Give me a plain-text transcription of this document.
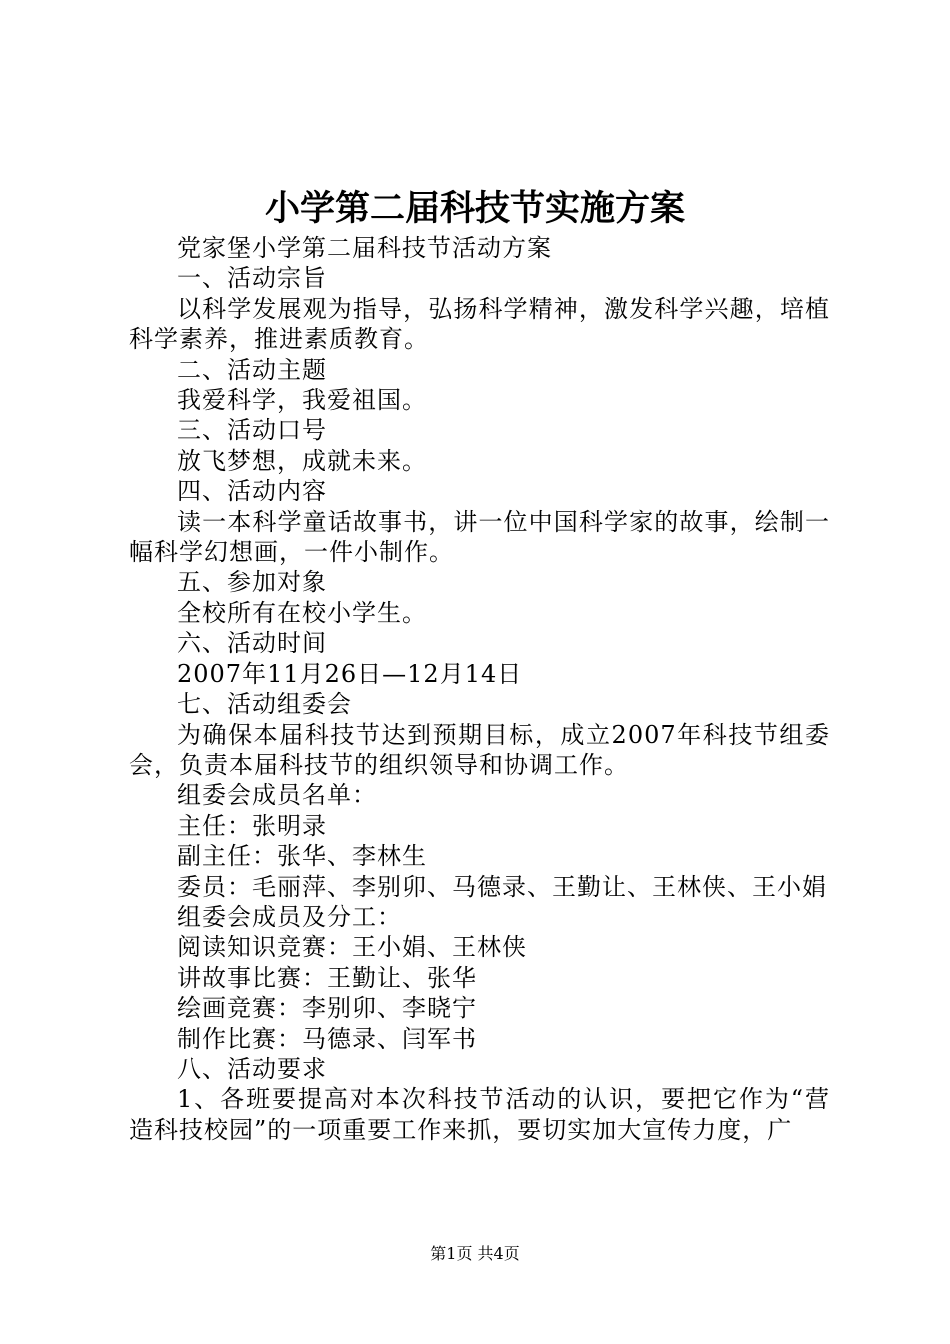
小学第二届科技节实施方案

党家堡小学第二届科技节活动方案

一、活动宗旨

以科学发展观为指导，弘扬科学精神，激发科学兴趣，培植科学素养，推进素质教育。

二、活动主题

我爱科学，我爱祖国。

三、活动口号

放飞梦想，成就未来。

四、活动内容

读一本科学童话故事书，讲一位中国科学家的故事，绘制一幅科学幻想画，一件小制作。

五、参加对象

全校所有在校小学生。

六、活动时间

2007年11月26日—12月14日

七、活动组委会

为确保本届科技节达到预期目标，成立2007年科技节组委会，负责本届科技节的组织领导和协调工作。

组委会成员名单：

主任：张明录

副主任：张华、李林生

委员：毛丽萍、李别卯、马德录、王勤让、王林侠、王小娟

组委会成员及分工：

阅读知识竞赛：王小娟、王林侠

讲故事比赛：王勤让、张华

绘画竞赛：李别卯、李晓宁

制作比赛：马德录、闫军书

八、活动要求

1、各班要提高对本次科技节活动的认识，要把它作为“营造科技校园”的一项重要工作来抓，要切实加大宣传力度，广

第1页 共4页
